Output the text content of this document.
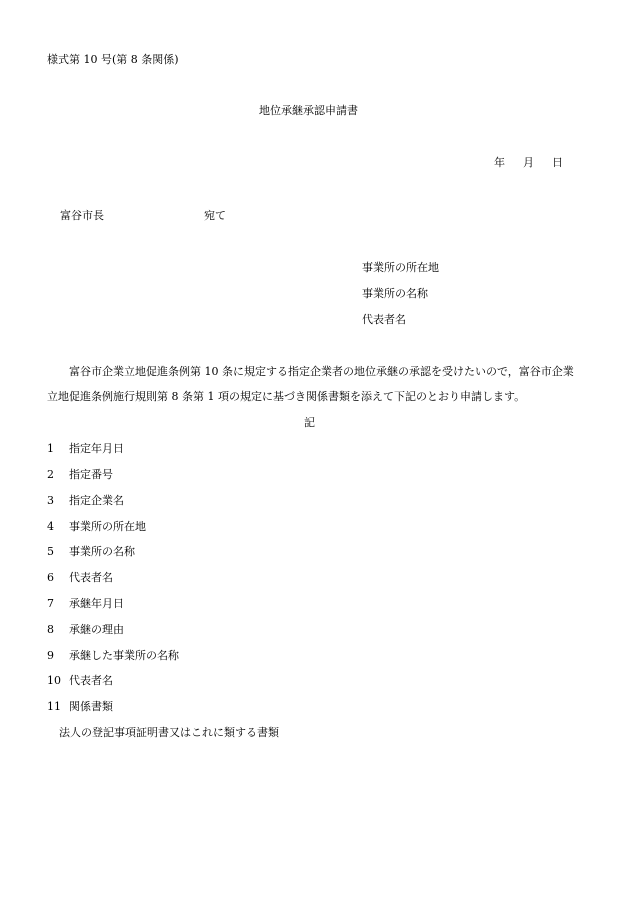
様式第 10 号(第 8 条関係)
地位承継承認申請書
年 月 日
富谷市長	宛て
事業所の所在地
事業所の名称
代表者名
富谷市企業立地促進条例第 10 条に規定する指定企業者の地位承継の承認を受けたいので，富谷市企業
立地促進条例施行規則第 8 条第 1 項の規定に基づき関係書類を添えて下記のとおり申請します。
記
1 指定年月日
2 指定番号
3 指定企業名
4 事業所の所在地
5 事業所の名称
6 代表者名
7 承継年月日
8 承継の理由
9 承継した事業所の名称
10 代表者名
11 関係書類
法人の登記事項証明書又はこれに類する書類
